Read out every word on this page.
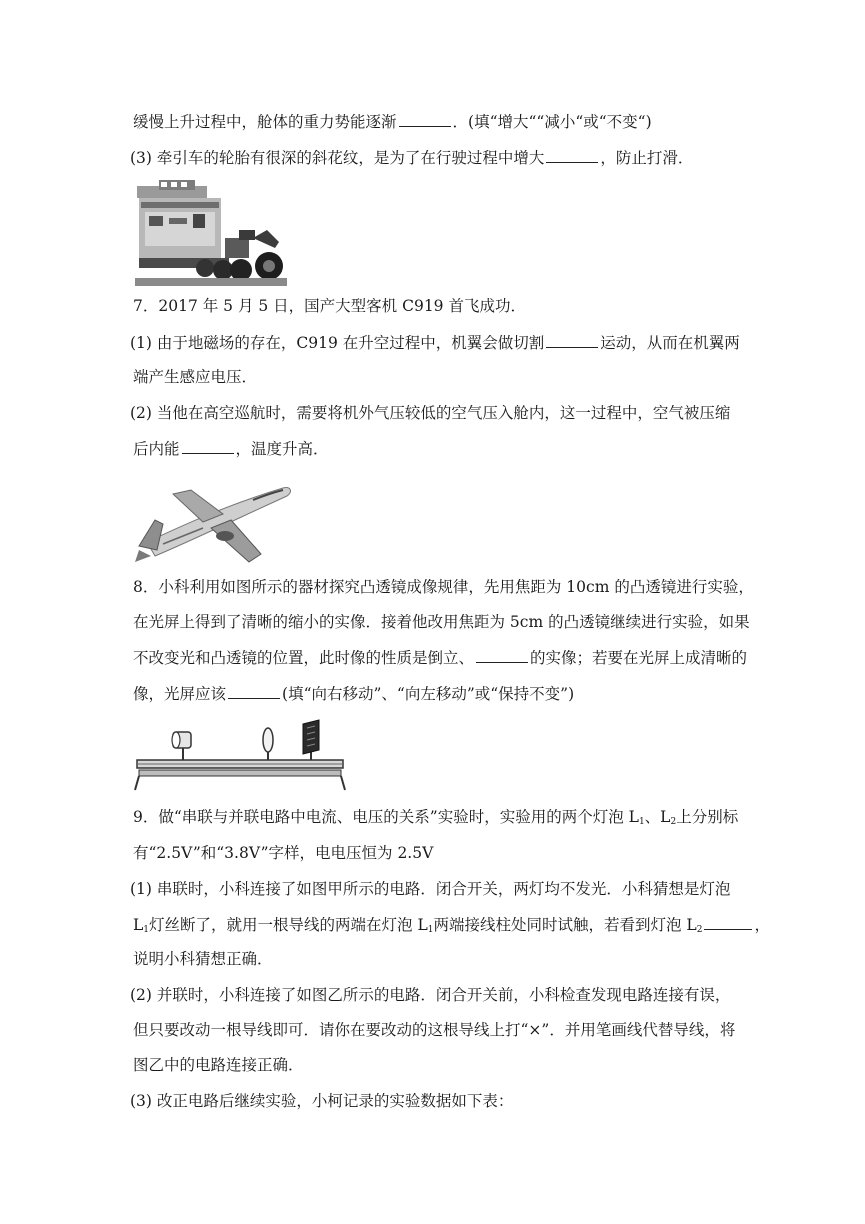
缓慢上升过程中，舱体的重力势能逐渐	．(填“增大““减小“或“不变“)
(3) 牵引车的轮胎有很深的斜花纹，是为了在行驶过程中增大	，防止打滑．
7．2017 年 5 月 5 日，国产大型客机 C919 首飞成功．
(1) 由于地磁场的存在，C919 在升空过程中，机翼会做切割	运动，从而在机翼两
端产生感应电压．
(2) 当他在高空巡航时，需要将机外气压较低的空气压入舱内，这一过程中，空气被压缩
后内能	，温度升高．
8．小科利用如图所示的器材探究凸透镜成像规律，先用焦距为 10cm 的凸透镜进行实验，
在光屏上得到了清晰的缩小的实像．接着他改用焦距为 5cm 的凸透镜继续进行实验，如果
不改变光和凸透镜的位置，此时像的性质是倒立、	的实像；若要在光屏上成清晰的
像，光屏应该	(填“向右移动”、“向左移动”或“保持不变”)
9．做“串联与并联电路中电流、电压的关系”实验时，实验用的两个灯泡 $L_1$、$L_2$上分别标
有“2.5V”和“3.8V”字样，电电压恒为 2.5V
(1) 串联时，小科连接了如图甲所示的电路．闭合开关，两灯均不发光．小科猜想是灯泡
$L_1$灯丝断了，就用一根导线的两端在灯泡 $L_1$两端接线柱处同时试触，若看到灯泡 $L_2$	，
说明小科猜想正确．
(2) 并联时，小科连接了如图乙所示的电路．闭合开关前，小科检查发现电路连接有误，
但只要改动一根导线即可．请你在要改动的这根导线上打“×”．并用笔画线代替导线，将
图乙中的电路连接正确．
(3) 改正电路后继续实验，小柯记录的实验数据如下表：
